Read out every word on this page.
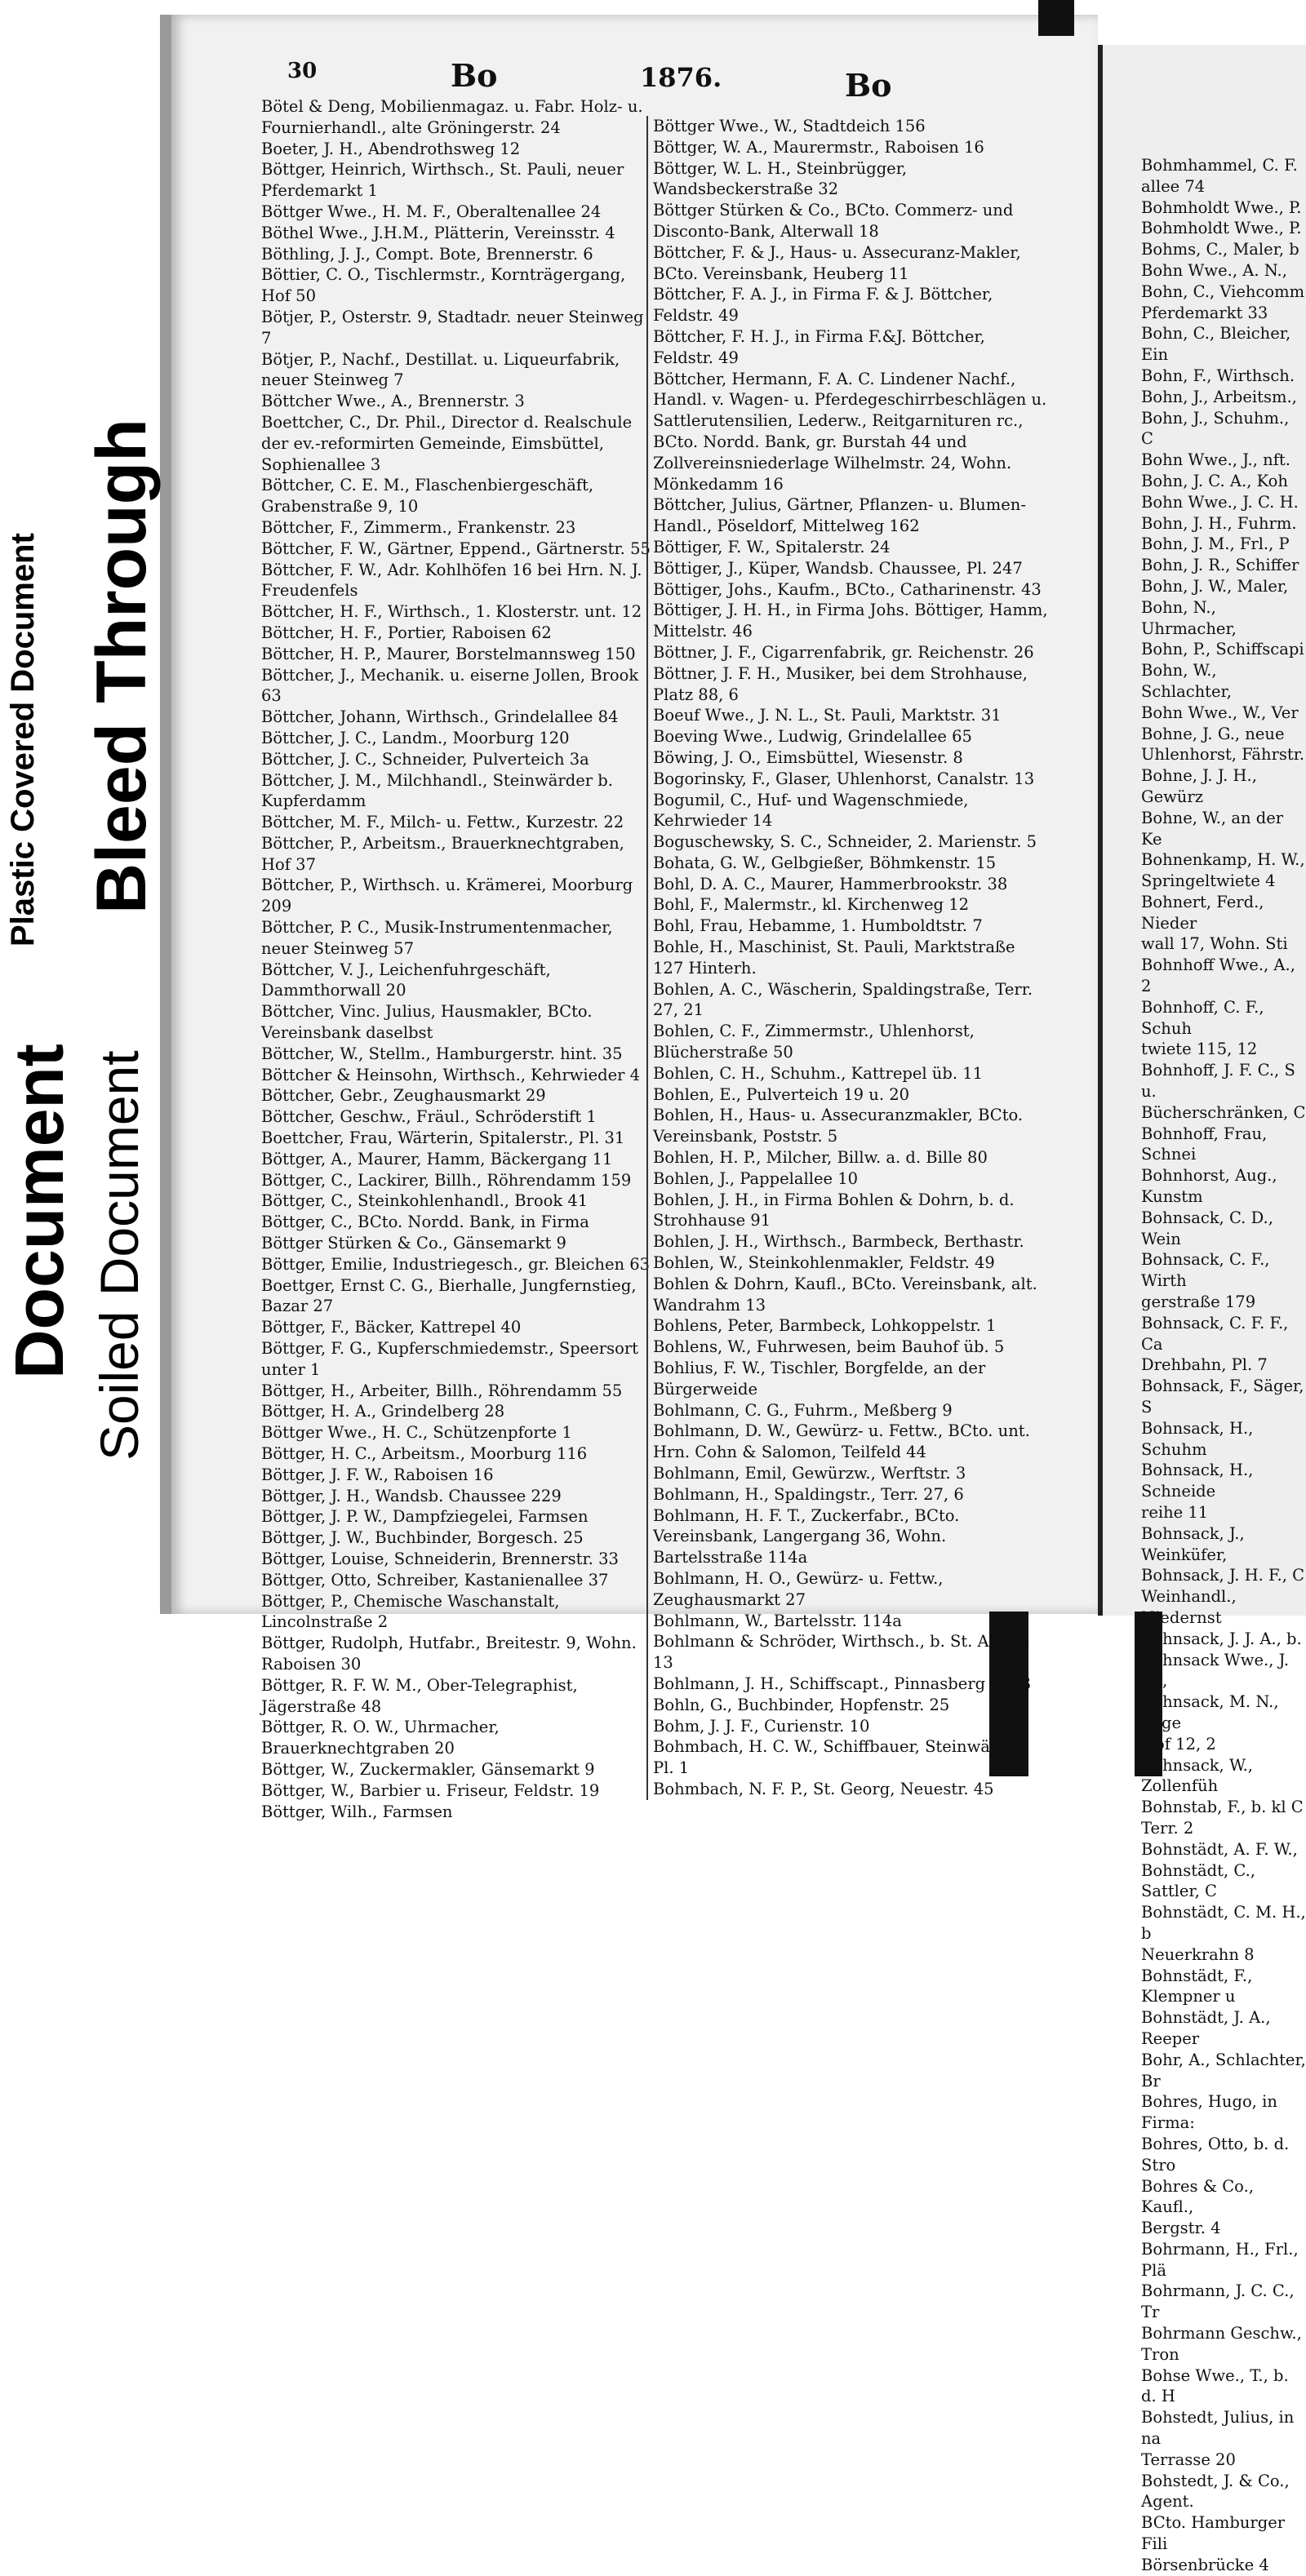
Plastic Covered Document Bleed Through
Document Soiled Document
30	Bo	1876.	Bo
Bötel & Deng, Mobilienmagaz. u. Fabr. Holz- u. Fournierhandl., alte Gröningerstr. 24
Boeter, J. H., Abendrothsweg 12
Böttger, Heinrich, Wirthsch., St. Pauli, neuer Pferdemarkt 1
Böttger Wwe., H. M. F., Oberaltenallee 24
Böthel Wwe., J.H.M., Plätterin, Vereinsstr. 4
Böthling, J. J., Compt. Bote, Brennerstr. 6
Böttier, C. O., Tischlermstr., Kornträgergang, Hof 50
Bötjer, P., Osterstr. 9, Stadtadr. neuer Steinweg 7
Bötjer, P., Nachf., Destillat. u. Liqueurfabrik, neuer Steinweg 7
Böttcher Wwe., A., Brennerstr. 3
Boettcher, C., Dr. Phil., Director d. Realschule der ev.-reformirten Gemeinde, Eimsbüttel, Sophienallee 3
Böttcher, C. E. M., Flaschenbiergeschäft, Grabenstraße 9, 10
Böttcher, F., Zimmerm., Frankenstr. 23
Böttcher, F. W., Gärtner, Eppend., Gärtnerstr. 55
Böttcher, F. W., Adr. Kohlhöfen 16 bei Hrn. N. J. Freudenfels
Böttcher, H. F., Wirthsch., 1. Klosterstr. unt. 12
Böttcher, H. F., Portier, Raboisen 62
Böttcher, H. P., Maurer, Borstelmannsweg 150
Böttcher, J., Mechanik. u. eiserne Jollen, Brook 63
Böttcher, Johann, Wirthsch., Grindelallee 84
Böttcher, J. C., Landm., Moorburg 120
Böttcher, J. C., Schneider, Pulverteich 3a
Böttcher, J. M., Milchhandl., Steinwärder b. Kupferdamm
Böttcher, M. F., Milch- u. Fettw., Kurzestr. 22
Böttcher, P., Arbeitsm., Brauerknechtgraben, Hof 37
Böttcher, P., Wirthsch. u. Krämerei, Moorburg 209
Böttcher, P. C., Musik-Instrumentenmacher, neuer Steinweg 57
Böttcher, V. J., Leichenfuhrgeschäft, Dammthorwall 20
Böttcher, Vinc. Julius, Hausmakler, BCto. Vereinsbank daselbst
Böttcher, W., Stellm., Hamburgerstr. hint. 35
Böttcher & Heinsohn, Wirthsch., Kehrwieder 4
Böttcher, Gebr., Zeughausmarkt 29
Böttcher, Geschw., Fräul., Schröderstift 1
Boettcher, Frau, Wärterin, Spitalerstr., Pl. 31
Böttger, A., Maurer, Hamm, Bäckergang 11
Böttger, C., Lackirer, Billh., Röhrendamm 159
Böttger, C., Steinkohlenhandl., Brook 41
Böttger, C., BCto. Nordd. Bank, in Firma Böttger Stürken & Co., Gänsemarkt 9
Böttger, Emilie, Industriegesch., gr. Bleichen 63
Boettger, Ernst C. G., Bierhalle, Jungfernstieg, Bazar 27
Böttger, F., Bäcker, Kattrepel 40
Böttger, F. G., Kupferschmiedemstr., Speersort unter 1
Böttger, H., Arbeiter, Billh., Röhrendamm 55
Böttger, H. A., Grindelberg 28
Böttger Wwe., H. C., Schützenpforte 1
Böttger, H. C., Arbeitsm., Moorburg 116
Böttger, J. F. W., Raboisen 16
Böttger, J. H., Wandsb. Chaussee 229
Böttger, J. P. W., Dampfziegelei, Farmsen
Böttger, J. W., Buchbinder, Borgesch. 25
Böttger, Louise, Schneiderin, Brennerstr. 33
Böttger, Otto, Schreiber, Kastanienallee 37
Böttger, P., Chemische Waschanstalt, Lincolnstraße 2
Böttger, Rudolph, Hutfabr., Breitestr. 9, Wohn. Raboisen 30
Böttger, R. F. W. M., Ober-Telegraphist, Jägerstraße 48
Böttger, R. O. W., Uhrmacher, Brauerknechtgraben 20
Böttger, W., Zuckermakler, Gänsemarkt 9
Böttger, W., Barbier u. Friseur, Feldstr. 19
Böttger, Wilh., Farmsen
Böttger Wwe., W., Stadtdeich 156
Böttger, W. A., Maurermstr., Raboisen 16
Böttger, W. L. H., Steinbrügger, Wandsbeckerstraße 32
Böttger Stürken & Co., BCto. Commerz- und Disconto-Bank, Alterwall 18
Böttcher, F. & J., Haus- u. Assecuranz-Makler, BCto. Vereinsbank, Heuberg 11
Böttcher, F. A. J., in Firma F. & J. Böttcher, Feldstr. 49
Böttcher, F. H. J., in Firma F.&J. Böttcher, Feldstr. 49
Böttcher, Hermann, F. A. C. Lindener Nachf., Handl. v. Wagen- u. Pferdegeschirrbeschlägen u. Sattlerutensilien, Lederw., Reitgarnituren rc., BCto. Nordd. Bank, gr. Burstah 44 und Zollvereinsniederlage Wilhelmstr. 24, Wohn. Mönkedamm 16
Böttcher, Julius, Gärtner, Pflanzen- u. Blumen-Handl., Pöseldorf, Mittelweg 162
Böttiger, F. W., Spitalerstr. 24
Böttiger, J., Küper, Wandsb. Chaussee, Pl. 247
Böttiger, Johs., Kaufm., BCto., Catharinenstr. 43
Böttiger, J. H. H., in Firma Johs. Böttiger, Hamm, Mittelstr. 46
Böttner, J. F., Cigarrenfabrik, gr. Reichenstr. 26
Böttner, J. F. H., Musiker, bei dem Strohhause, Platz 88, 6
Boeuf Wwe., J. N. L., St. Pauli, Marktstr. 31
Boeving Wwe., Ludwig, Grindelallee 65
Böwing, J. O., Eimsbüttel, Wiesenstr. 8
Bogorinsky, F., Glaser, Uhlenhorst, Canalstr. 13
Bogumil, C., Huf- und Wagenschmiede, Kehrwieder 14
Boguschewsky, S. C., Schneider, 2. Marienstr. 5
Bohata, G. W., Gelbgießer, Böhmkenstr. 15
Bohl, D. A. C., Maurer, Hammerbrookstr. 38
Bohl, F., Malermstr., kl. Kirchenweg 12
Bohl, Frau, Hebamme, 1. Humboldtstr. 7
Bohle, H., Maschinist, St. Pauli, Marktstraße 127 Hinterh.
Bohlen, A. C., Wäscherin, Spaldingstraße, Terr. 27, 21
Bohlen, C. F., Zimmermstr., Uhlenhorst, Blücherstraße 50
Bohlen, C. H., Schuhm., Kattrepel üb. 11
Bohlen, E., Pulverteich 19 u. 20
Bohlen, H., Haus- u. Assecuranzmakler, BCto. Vereinsbank, Poststr. 5
Bohlen, H. P., Milcher, Billw. a. d. Bille 80
Bohlen, J., Pappelallee 10
Bohlen, J. H., in Firma Bohlen & Dohrn, b. d. Strohhause 91
Bohlen, J. H., Wirthsch., Barmbeck, Berthastr.
Bohlen, W., Steinkohlenmakler, Feldstr. 49
Bohlen & Dohrn, Kaufl., BCto. Vereinsbank, alt. Wandrahm 13
Bohlens, Peter, Barmbeck, Lohkoppelstr. 1
Bohlens, W., Fuhrwesen, beim Bauhof üb. 5
Bohlius, F. W., Tischler, Borgfelde, an der Bürgerweide
Bohlmann, C. G., Fuhrm., Meßberg 9
Bohlmann, D. W., Gewürz- u. Fettw., BCto. unt. Hrn. Cohn & Salomon, Teilfeld 44
Bohlmann, Emil, Gewürzw., Werftstr. 3
Bohlmann, H., Spaldingstr., Terr. 27, 6
Bohlmann, H. F. T., Zuckerfabr., BCto. Vereinsbank, Langergang 36, Wohn. Bartelsstraße 114a
Bohlmann, H. O., Gewürz- u. Fettw., Zeughausmarkt 27
Bohlmann, W., Bartelsstr. 114a
Bohlmann & Schröder, Wirthsch., b. St. Annen 13
Bohlmann, J. H., Schiffscapt., Pinnasberg üb. 3
Bohln, G., Buchbinder, Hopfenstr. 25
Bohm, J. J. F., Curienstr. 10
Bohmbach, H. C. W., Schiffbauer, Steinwärder, Pl. 1
Bohmbach, N. F. P., St. Georg, Neuestr. 45
Bohmhammel, C. F.
allee 74
Bohmholdt Wwe., P.
Bohmholdt Wwe., P.
Bohms, C., Maler, b
Bohn Wwe., A. N.,
Bohn, C., Viehcomm
Pferdemarkt 33
Bohn, C., Bleicher, Ein
Bohn, F., Wirthsch.
Bohn, J., Arbeitsm.,
Bohn, J., Schuhm., C
Bohn Wwe., J., nft.
Bohn, J. C. A., Koh
Bohn Wwe., J. C. H.
Bohn, J. H., Fuhrm.
Bohn, J. M., Frl., P
Bohn, J. R., Schiffer
Bohn, J. W., Maler,
Bohn, N., Uhrmacher,
Bohn, P., Schiffscapi
Bohn, W., Schlachter,
Bohn Wwe., W., Ver
Bohne, J. G., neue
Uhlenhorst, Fährstr.
Bohne, J. J. H., Gewürz
Bohne, W., an der Ke
Bohnenkamp, H. W.,
Springeltwiete 4
Bohnert, Ferd., Nieder
wall 17, Wohn. Sti
Bohnhoff Wwe., A., 2
Bohnhoff, C. F., Schuh
twiete 115, 12
Bohnhoff, J. F. C., S
u. Bücherschränken, C
Bohnhoff, Frau, Schnei
Bohnhorst, Aug., Kunstm
Bohnsack, C. D., Wein
Bohnsack, C. F., Wirth
gerstraße 179
Bohnsack, C. F. F., Ca
Drehbahn, Pl. 7
Bohnsack, F., Säger, S
Bohnsack, H., Schuhm
Bohnsack, H., Schneide
reihe 11
Bohnsack, J., Weinküfer,
Bohnsack, J. H. F., C
Weinhandl., Niedernst
Bohnsack, J. J. A., b.
Bohnsack Wwe., J. M.,
Bohnsack, M. N., Säge
Hof 12, 2
Bohnsack, W., Zollenfüh
Bohnstab, F., b. kl C
Terr. 2
Bohnstädt, A. F. W.,
Bohnstädt, C., Sattler, C
Bohnstädt, C. M. H., b
Neuerkrahn 8
Bohnstädt, F., Klempner u
Bohnstädt, J. A., Reeper
Bohr, A., Schlachter, Br
Bohres, Hugo, in Firma:
Bohres, Otto, b. d. Stro
Bohres & Co., Kaufl.,
Bergstr. 4
Bohrmann, H., Frl., Plä
Bohrmann, J. C. C., Tr
Bohrmann Geschw., Tron
Bohse Wwe., T., b. d. H
Bohstedt, Julius, in na
Terrasse 20
Bohstedt, J. & Co., Agent.
BCto. Hamburger Fili
Börsenbrücke 4
